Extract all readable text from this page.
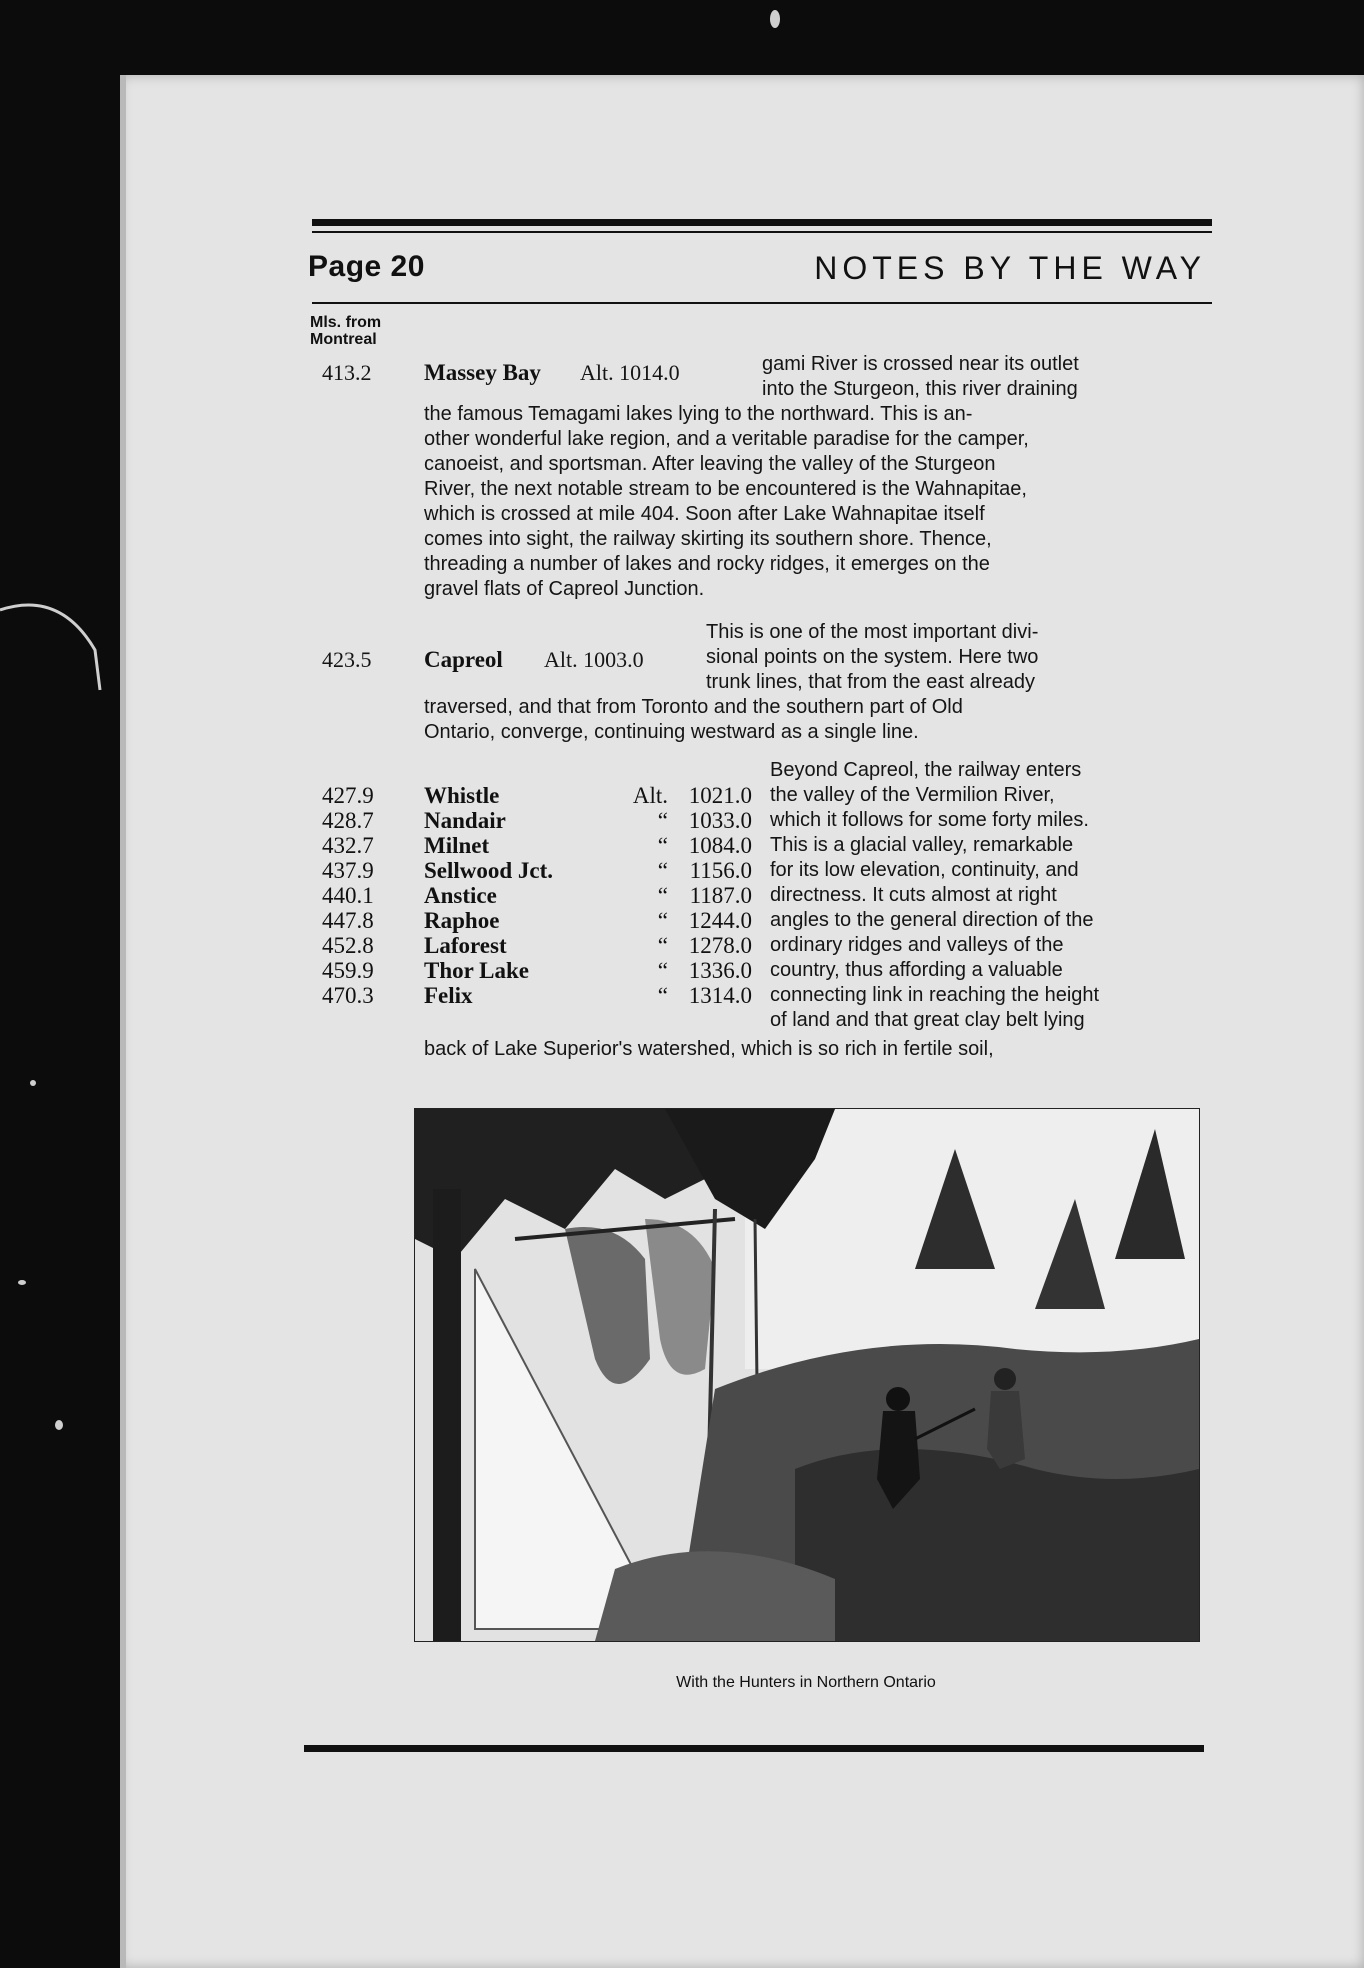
Page 20	NOTES BY THE WAY
Mls. from
Montreal
413.2 Massey Bay Alt. 1014.0	gami River is crossed near its outlet
into the Sturgeon, this river draining
the famous Temagami lakes lying to the northward. This is an-
other wonderful lake region, and a veritable paradise for the camper,
canoeist, and sportsman. After leaving the valley of the Sturgeon
River, the next notable stream to be encountered is the Wahnapitae,
which is crossed at mile 404. Soon after Lake Wahnapitae itself
comes into sight, the railway skirting its southern shore. Thence,
threading a number of lakes and rocky ridges, it emerges on the
gravel flats of Capreol Junction.
This is one of the most important divi-
sional points on the system. Here two
trunk lines, that from the east already
423.5 Capreol Alt. 1003.0
traversed, and that from Toronto and the southern part of Old
Ontario, converge, continuing westward as a single line.
Beyond Capreol, the railway enters
the valley of the Vermilion River,
which it follows for some forty miles.
This is a glacial valley, remarkable
for its low elevation, continuity, and
directness. It cuts almost at right
angles to the general direction of the
ordinary ridges and valleys of the
country, thus affording a valuable
connecting link in reaching the height
of land and that great clay belt lying
427.9
428.7
432.7
437.9
440.1
447.8
452.8
459.9
470.3
Whistle
Nandair
Milnet
Sellwood Jct.
Anstice
Raphoe
Laforest
Thor Lake
Felix
Alt.
“
“
“
“
“
“
“
“
1021.0
1033.0
1084.0
1156.0
1187.0
1244.0
1278.0
1336.0
1314.0
back of Lake Superior's watershed, which is so rich in fertile soil,
With the Hunters in Northern Ontario
